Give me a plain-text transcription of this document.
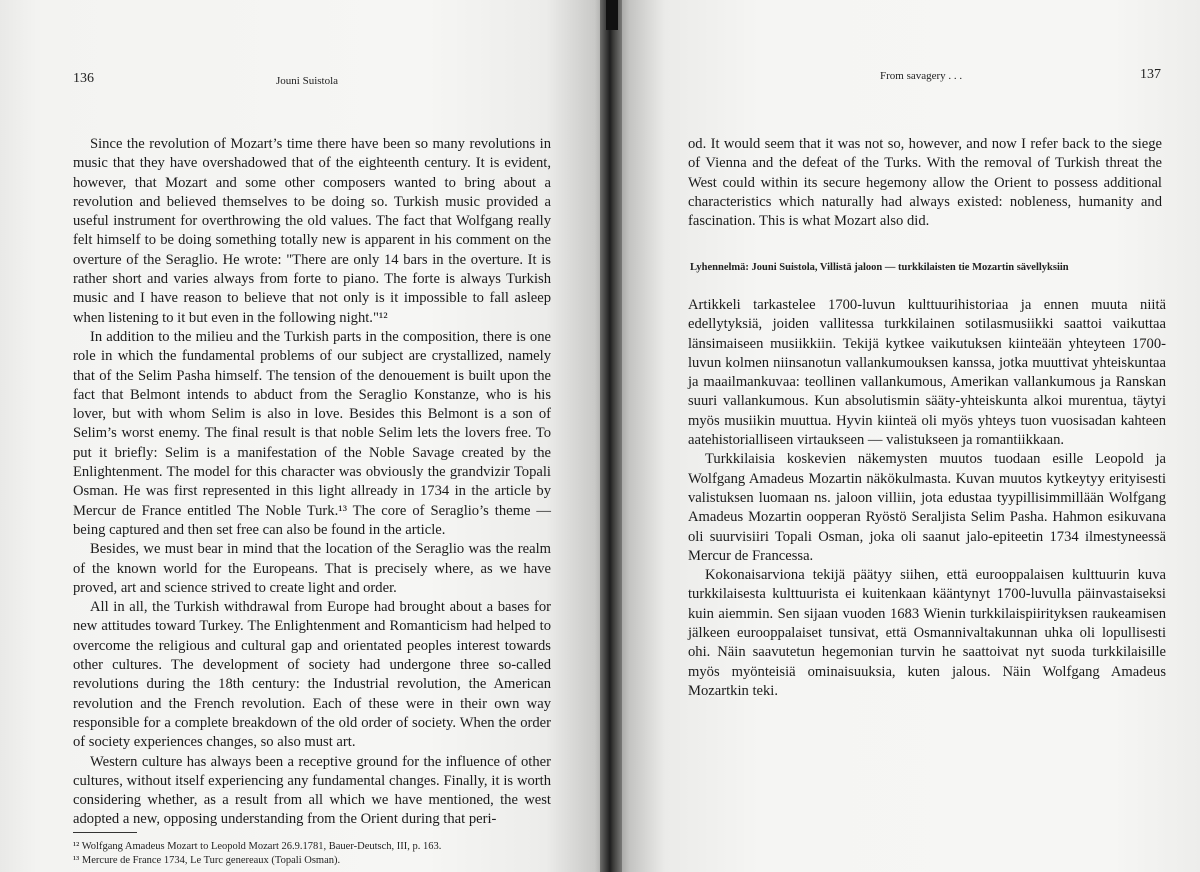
136	Jouni Suistola

Since the revolution of Mozart’s time there have been so many revolutions in music that they have overshadowed that of the eighteenth century. It is evident, however, that Mozart and some other composers wanted to bring about a revolution and believed themselves to be doing so. Turkish music provided a useful instrument for overthrowing the old values. The fact that Wolfgang really felt himself to be doing something totally new is apparent in his comment on the overture of the Seraglio. He wrote: "There are only 14 bars in the overture. It is rather short and varies always from forte to piano. The forte is always Turkish music and I have reason to believe that not only is it impossible to fall asleep when listening to it but even in the following night."¹²

In addition to the milieu and the Turkish parts in the composition, there is one role in which the fundamental problems of our subject are crystallized, namely that of the Selim Pasha himself. The tension of the denouement is built upon the fact that Belmont intends to abduct from the Seraglio Konstanze, who is his lover, but with whom Selim is also in love. Besides this Belmont is a son of Selim’s worst enemy. The final result is that noble Selim lets the lovers free. To put it briefly: Selim is a manifestation of the Noble Savage created by the Enlightenment. The model for this character was obviously the grandvizir Topali Osman. He was first represented in this light allready in 1734 in the article by Mercur de France entitled The Noble Turk.¹³ The core of Seraglio’s theme — being captured and then set free can also be found in the article.

Besides, we must bear in mind that the location of the Seraglio was the realm of the known world for the Europeans. That is precisely where, as we have proved, art and science strived to create light and order.

All in all, the Turkish withdrawal from Europe had brought about a bases for new attitudes toward Turkey. The Enlightenment and Romanticism had helped to overcome the religious and cultural gap and orientated peoples interest towards other cultures. The development of society had undergone three so-called revolutions during the 18th century: the Industrial revolution, the American revolution and the French revolution. Each of these were in their own way responsible for a complete breakdown of the old order of society. When the order of society experiences changes, so also must art.

Western culture has always been a receptive ground for the influence of other cultures, without itself experiencing any fundamental changes. Finally, it is worth considering whether, as a result from all which we have mentioned, the west adopted a new, opposing understanding from the Orient during that peri-

¹² Wolfgang Amadeus Mozart to Leopold Mozart 26.9.1781, Bauer-Deutsch, III, p. 163.

¹³ Mercure de France 1734, Le Turc genereaux (Topali Osman).

From savagery . . .	137

od. It would seem that it was not so, however, and now I refer back to the siege of Vienna and the defeat of the Turks. With the removal of Turkish threat the West could within its secure hegemony allow the Orient to possess additional characteristics which naturally had always existed: nobleness, humanity and fascination. This is what Mozart also did.

Lyhennelmä: Jouni Suistola, Villistä jaloon — turkkilaisten tie Mozartin sävellyksiin

Artikkeli tarkastelee 1700-luvun kulttuurihistoriaa ja ennen muuta niitä edellytyksiä, joiden vallitessa turkkilainen sotilasmusiikki saattoi vaikuttaa länsimaiseen musiikkiin. Tekijä kytkee vaikutuksen kiinteään yhteyteen 1700-luvun kolmen niinsanotun vallankumouksen kanssa, jotka muuttivat yhteiskuntaa ja maailmankuvaa: teollinen vallankumous, Amerikan vallankumous ja Ranskan suuri vallankumous. Kun absolutismin sääty-yhteiskunta alkoi murentua, täytyi myös musiikin muuttua. Hyvin kiinteä oli myös yhteys tuon vuosisadan kahteen aatehistorialliseen virtaukseen — valistukseen ja romantiikkaan.

Turkkilaisia koskevien näkemysten muutos tuodaan esille Leopold ja Wolfgang Amadeus Mozartin näkökulmasta. Kuvan muutos kytkeytyy erityisesti valistuksen luomaan ns. jaloon villiin, jota edustaa tyypillisimmillään Wolfgang Amadeus Mozartin oopperan Ryöstö Seraljista Selim Pasha. Hahmon esikuvana oli suurvisiiri Topali Osman, joka oli saanut jalo-epiteetin 1734 ilmestyneessä Mercur de Francessa.

Kokonaisarviona tekijä päätyy siihen, että eurooppalaisen kulttuurin kuva turkkilaisesta kulttuurista ei kuitenkaan kääntynyt 1700-luvulla päinvastaiseksi kuin aiemmin. Sen sijaan vuoden 1683 Wienin turkkilaispiirityksen raukeamisen jälkeen eurooppalaiset tunsivat, että Osmannivaltakunnan uhka oli lopullisesti ohi. Näin saavutetun hegemonian turvin he saattoivat nyt suoda turkkilaisille myös myönteisiä ominaisuuksia, kuten jalous. Näin Wolfgang Amadeus Mozartkin teki.
